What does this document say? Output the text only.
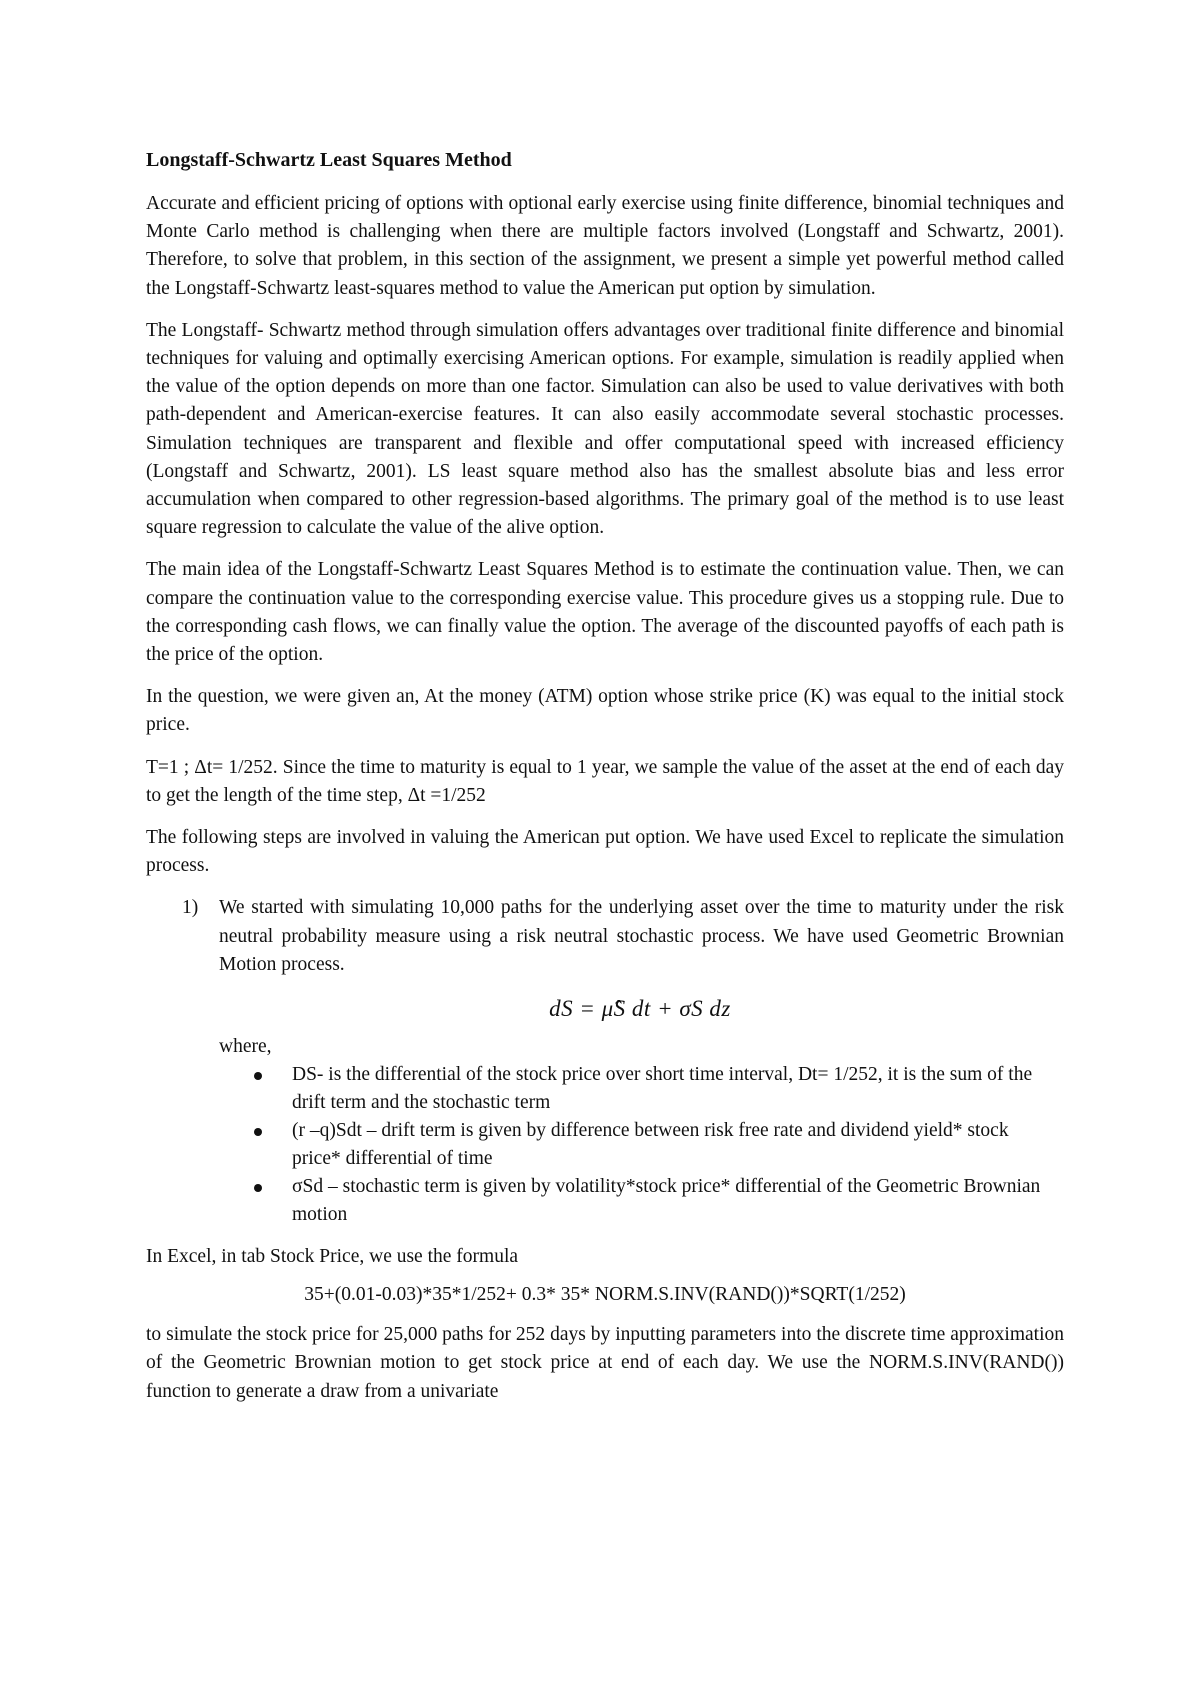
Longstaff-Schwartz Least Squares Method

Accurate and efficient pricing of options with optional early exercise using finite difference, binomial techniques and Monte Carlo method is challenging when there are multiple factors involved (Longstaff and Schwartz, 2001). Therefore, to solve that problem, in this section of the assignment, we present a simple yet powerful method called the Longstaff-Schwartz least-squares method to value the American put option by simulation.

The Longstaff- Schwartz method through simulation offers advantages over traditional finite difference and binomial techniques for valuing and optimally exercising American options. For example, simulation is readily applied when the value of the option depends on more than one factor. Simulation can also be used to value derivatives with both path-dependent and American-exercise features. It can also easily accommodate several stochastic processes. Simulation techniques are transparent and flexible and offer computational speed with increased efficiency (Longstaff and Schwartz, 2001). LS least square method also has the smallest absolute bias and less error accumulation when compared to other regression-based algorithms. The primary goal of the method is to use least square regression to calculate the value of the alive option.

The main idea of the Longstaff-Schwartz Least Squares Method is to estimate the continuation value. Then, we can compare the continuation value to the corresponding exercise value. This procedure gives us a stopping rule. Due to the corresponding cash flows, we can finally value the option. The average of the discounted payoffs of each path is the price of the option.

In the question, we were given an, At the money (ATM) option whose strike price (K) was equal to the initial stock price.

T=1 ; Δt= 1/252. Since the time to maturity is equal to 1 year, we sample the value of the asset at the end of each day to get the length of the time step, Δt =1/252

The following steps are involved in valuing the American put option. We have used Excel to replicate the simulation process.

1) We started with simulating 10,000 paths for the underlying asset over the time to maturity under the risk neutral probability measure using a risk neutral stochastic process. We have used Geometric Brownian Motion process.
dS = μ̂S dt + σS dz
where,
DS- is the differential of the stock price over short time interval, Dt= 1/252, it is the sum of the drift term and the stochastic term
(r –q)Sdt – drift term is given by difference between risk free rate and dividend yield* stock price* differential of time
σSd – stochastic term is given by volatility*stock price* differential of the Geometric Brownian motion

In Excel, in tab Stock Price, we use the formula

35+(0.01-0.03)*35*1/252+ 0.3* 35* NORM.S.INV(RAND())*SQRT(1/252)

to simulate the stock price for 25,000 paths for 252 days by inputting parameters into the discrete time approximation of the Geometric Brownian motion to get stock price at end of each day. We use the NORM.S.INV(RAND()) function to generate a draw from a univariate
